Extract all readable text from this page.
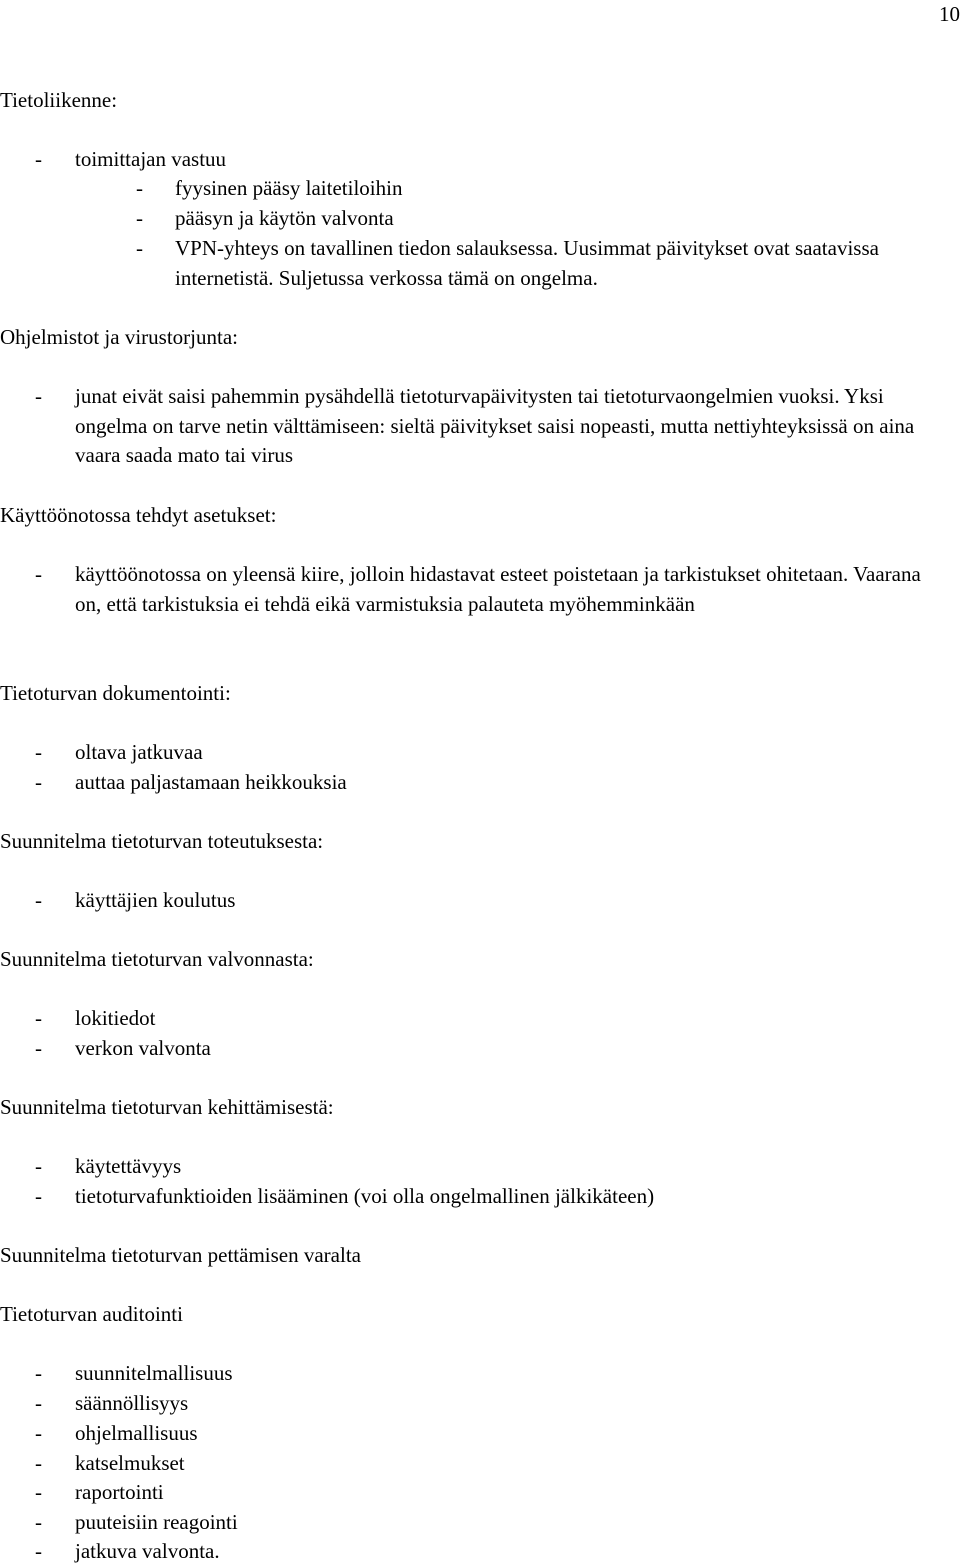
10
Tietoliikenne:
- toimittajan vastuu
- fyysinen pääsy laitetiloihin
- pääsyn ja käytön valvonta
- VPN-yhteys on tavallinen tiedon salauksessa. Uusimmat päivitykset ovat saatavissa internetistä. Suljetussa verkossa tämä on ongelma.
Ohjelmistot ja virustorjunta:
- junat eivät saisi pahemmin pysähdellä tietoturvapäivitysten tai tietoturvaongelmien vuoksi. Yksi ongelma on tarve netin välttämiseen: sieltä päivitykset saisi nopeasti, mutta nettiyhteyksissä on aina vaara saada mato tai virus
Käyttöönotossa tehdyt asetukset:
- käyttöönotossa on yleensä kiire, jolloin hidastavat esteet poistetaan ja tarkistukset ohitetaan. Vaarana on, että tarkistuksia ei tehdä eikä varmistuksia palauteta myöhemminkään
Tietoturvan dokumentointi:
- oltava jatkuvaa
- auttaa paljastamaan heikkouksia
Suunnitelma tietoturvan toteutuksesta:
- käyttäjien koulutus
Suunnitelma tietoturvan valvonnasta:
- lokitiedot
- verkon valvonta
Suunnitelma tietoturvan kehittämisestä:
- käytettävyys
- tietoturvafunktioiden lisääminen (voi olla ongelmallinen jälkikäteen)
Suunnitelma tietoturvan pettämisen varalta
Tietoturvan auditointi
- suunnitelmallisuus
- säännöllisyys
- ohjelmallisuus
- katselmukset
- raportointi
- puuteisiin reagointi
- jatkuva valvonta.
